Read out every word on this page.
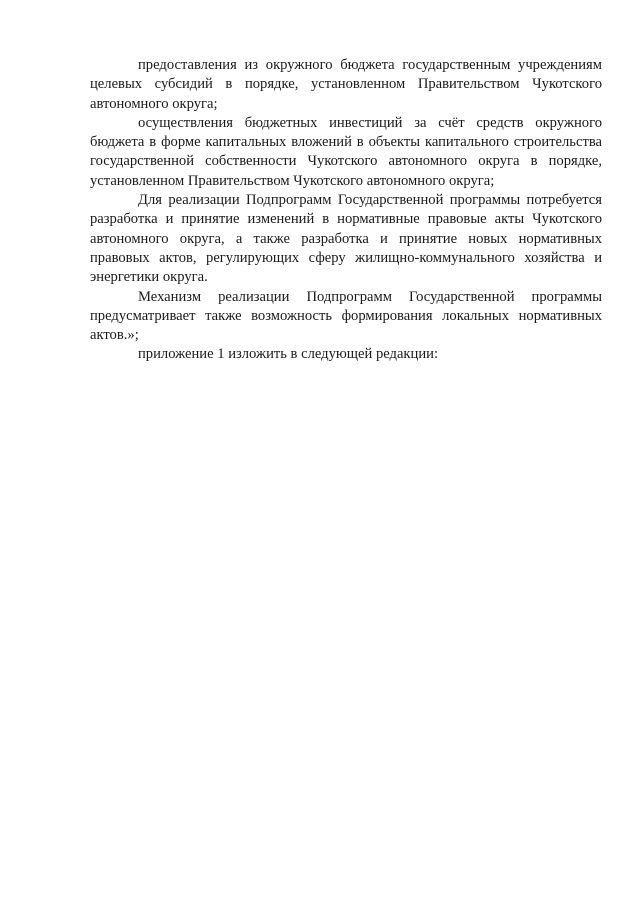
предоставления из окружного бюджета государственным учреждениям целевых субсидий в порядке, установленном Правительством Чукотского автономного округа;

осуществления бюджетных инвестиций за счёт средств окружного бюджета в форме капитальных вложений в объекты капитального строительства государственной собственности Чукотского автономного округа в порядке, установленном Правительством Чукотского автономного округа;

Для реализации Подпрограмм Государственной программы потребуется разработка и принятие изменений в нормативные правовые акты Чукотского автономного округа, а также разработка и принятие новых нормативных правовых актов, регулирующих сферу жилищно-коммунального хозяйства и энергетики округа.

Механизм реализации Подпрограмм Государственной программы предусматривает также возможность формирования локальных нормативных актов.»;

приложение 1 изложить в следующей редакции:
